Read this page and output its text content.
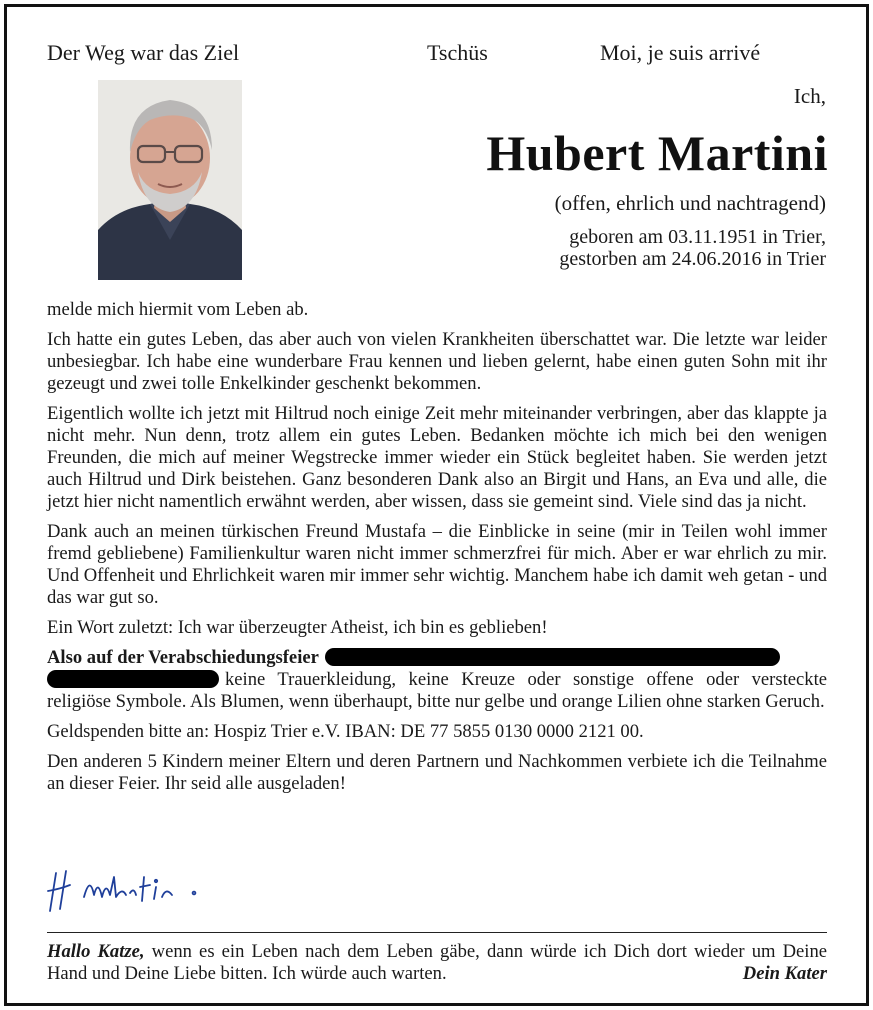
Der Weg war das Ziel	Tschüs	Moi, je suis arrivé
Ich,
Hubert Martini
(offen, ehrlich und nachtragend)
geboren am 03.11.1951 in Trier,
gestorben am 24.06.2016 in Trier

melde mich hiermit vom Leben ab.

Ich hatte ein gutes Leben, das aber auch von vielen Krankheiten überschattet war. Die letzte war leider unbesiegbar. Ich habe eine wunderbare Frau kennen und lieben gelernt, habe einen guten Sohn mit ihr gezeugt und zwei tolle Enkelkinder geschenkt bekommen.

Eigentlich wollte ich jetzt mit Hiltrud noch einige Zeit mehr miteinander verbringen, aber das klappte ja nicht mehr. Nun denn, trotz allem ein gutes Leben. Bedanken möchte ich mich bei den wenigen Freunden, die mich auf meiner Wegstrecke immer wieder ein Stück begleitet haben. Sie werden jetzt auch Hiltrud und Dirk beistehen. Ganz besonderen Dank also an Birgit und Hans, an Eva und alle, die jetzt hier nicht namentlich erwähnt werden, aber wissen, dass sie gemeint sind. Viele sind das ja nicht.

Dank auch an meinen türkischen Freund Mustafa – die Einblicke in seine (mir in Teilen wohl immer fremd gebliebene) Familienkultur waren nicht immer schmerzfrei für mich. Aber er war ehrlich zu mir. Und Offenheit und Ehrlichkeit waren mir immer sehr wichtig. Manchem habe ich damit weh getan - und das war gut so.

Ein Wort zuletzt: Ich war überzeugter Atheist, ich bin es geblieben!

Also auf der Verabschiedungsfeier
keine Trauerkleidung, keine Kreuze oder sonstige offene oder versteckte religiöse Symbole. Als Blumen, wenn überhaupt, bitte nur gelbe und orange Lilien ohne starken Geruch.

Geldspenden bitte an: Hospiz Trier e.V. IBAN: DE 77 5855 0130 0000 2121 00.

Den anderen 5 Kindern meiner Eltern und deren Partnern und Nachkommen verbiete ich die Teilnahme an dieser Feier. Ihr seid alle ausgeladen!

Hallo Katze, wenn es ein Leben nach dem Leben gäbe, dann würde ich Dich dort wieder um Deine Hand und Deine Liebe bitten. Ich würde auch warten.	Dein Kater
